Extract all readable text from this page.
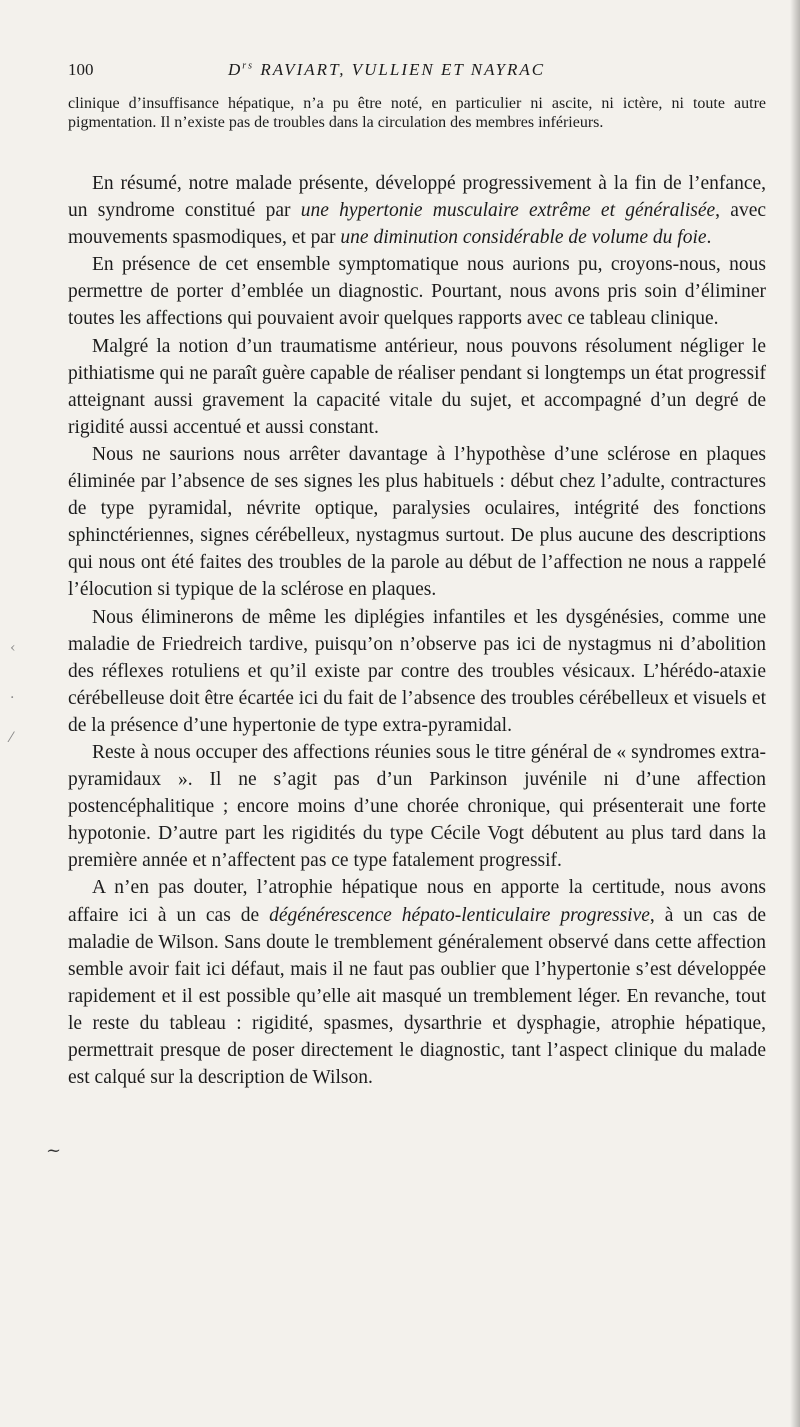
100	$D^{rs}$ RAVIART, VULLIEN ET NAYRAC

clinique d’insuffisance hépatique, n’a pu être noté, en particulier ni ascite, ni ictère, ni toute autre pigmentation. Il n’existe pas de troubles dans la circulation des membres inférieurs.

En résumé, notre malade présente, développé progressivement à la fin de l’enfance, un syndrome constitué par une hypertonie musculaire extrême et généralisée, avec mouvements spasmodiques, et par une diminution considérable de volume du foie.

En présence de cet ensemble symptomatique nous aurions pu, croyons-nous, nous permettre de porter d’emblée un diagnostic. Pourtant, nous avons pris soin d’éliminer toutes les affections qui pouvaient avoir quelques rapports avec ce tableau clinique.

Malgré la notion d’un traumatisme antérieur, nous pouvons résolument négliger le pithiatisme qui ne paraît guère capable de réaliser pendant si longtemps un état progressif atteignant aussi gravement la capacité vitale du sujet, et accompagné d’un degré de rigidité aussi accentué et aussi constant.

Nous ne saurions nous arrêter davantage à l’hypothèse d’une sclérose en plaques éliminée par l’absence de ses signes les plus habituels : début chez l’adulte, contractures de type pyramidal, névrite optique, paralysies oculaires, intégrité des fonctions sphinctériennes, signes cérébelleux, nystagmus surtout. De plus aucune des descriptions qui nous ont été faites des troubles de la parole au début de l’affection ne nous a rappelé l’élocution si typique de la sclérose en plaques.

Nous éliminerons de même les diplégies infantiles et les dysgénésies, comme une maladie de Friedreich tardive, puisqu’on n’observe pas ici de nystagmus ni d’abolition des réflexes rotuliens et qu’il existe par contre des troubles vésicaux. L’hérédo-ataxie cérébelleuse doit être écartée ici du fait de l’absence des troubles cérébelleux et visuels et de la présence d’une hypertonie de type extra-pyramidal.

Reste à nous occuper des affections réunies sous le titre général de « syndromes extra-pyramidaux ». Il ne s’agit pas d’un Parkinson juvénile ni d’une affection postencéphalitique ; encore moins d’une chorée chronique, qui présenterait une forte hypotonie. D’autre part les rigidités du type Cécile Vogt débutent au plus tard dans la première année et n’affectent pas ce type fatalement progressif.

A n’en pas douter, l’atrophie hépatique nous en apporte la certitude, nous avons affaire ici à un cas de dégénérescence hépato-lenticulaire progressive, à un cas de maladie de Wilson. Sans doute le tremblement généralement observé dans cette affection semble avoir fait ici défaut, mais il ne faut pas oublier que l’hypertonie s’est développée rapidement et il est possible qu’elle ait masqué un tremblement léger. En revanche, tout le reste du tableau : rigidité, spasmes, dysarthrie et dysphagie, atrophie hépatique, permettrait presque de poser directement le diagnostic, tant l’aspect clinique du malade est calqué sur la description de Wilson.

~
‹
·
⁄
